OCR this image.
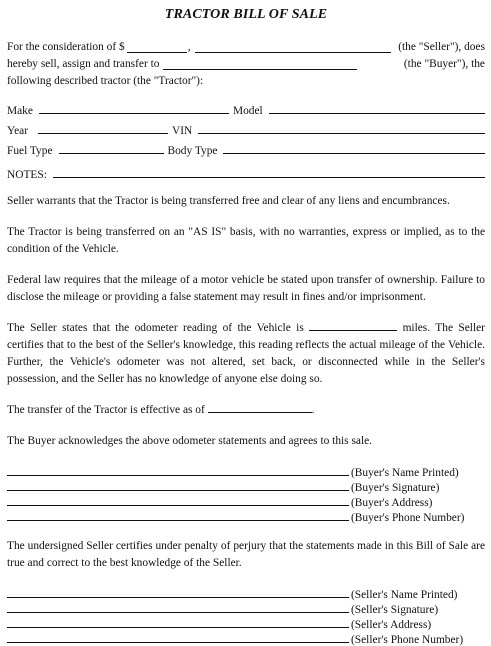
TRACTOR BILL OF SALE
For the consideration of $	,	(the "Seller"), does
hereby sell, assign and transfer to	(the "Buyer"), the
following described tractor (the "Tractor"):
Make	Model
Year	VIN
Fuel Type	Body Type
NOTES:

Seller warrants that the Tractor is being transferred free and clear of any liens and encumbrances.

The Tractor is being transferred on an "AS IS" basis, with no warranties, express or implied, as to the condition of the Vehicle.

Federal law requires that the mileage of a motor vehicle be stated upon transfer of ownership. Failure to disclose the mileage or providing a false statement may result in fines and/or imprisonment.

The Seller states that the odometer reading of the Vehicle is	miles. The Seller certifies that to the best of the Seller's knowledge, this reading reflects the actual mileage of the Vehicle. Further, the Vehicle's odometer was not altered, set back, or disconnected while in the Seller's possession, and the Seller has no knowledge of anyone else doing so.

The transfer of the Tractor is effective as of	.

The Buyer acknowledges the above odometer statements and agrees to this sale.

(Buyer's Name Printed)
(Buyer's Signature)
(Buyer's Address)
(Buyer's Phone Number)

The undersigned Seller certifies under penalty of perjury that the statements made in this Bill of Sale are true and correct to the best knowledge of the Seller.

(Seller's Name Printed)
(Seller's Signature)
(Seller's Address)
(Seller's Phone Number)
